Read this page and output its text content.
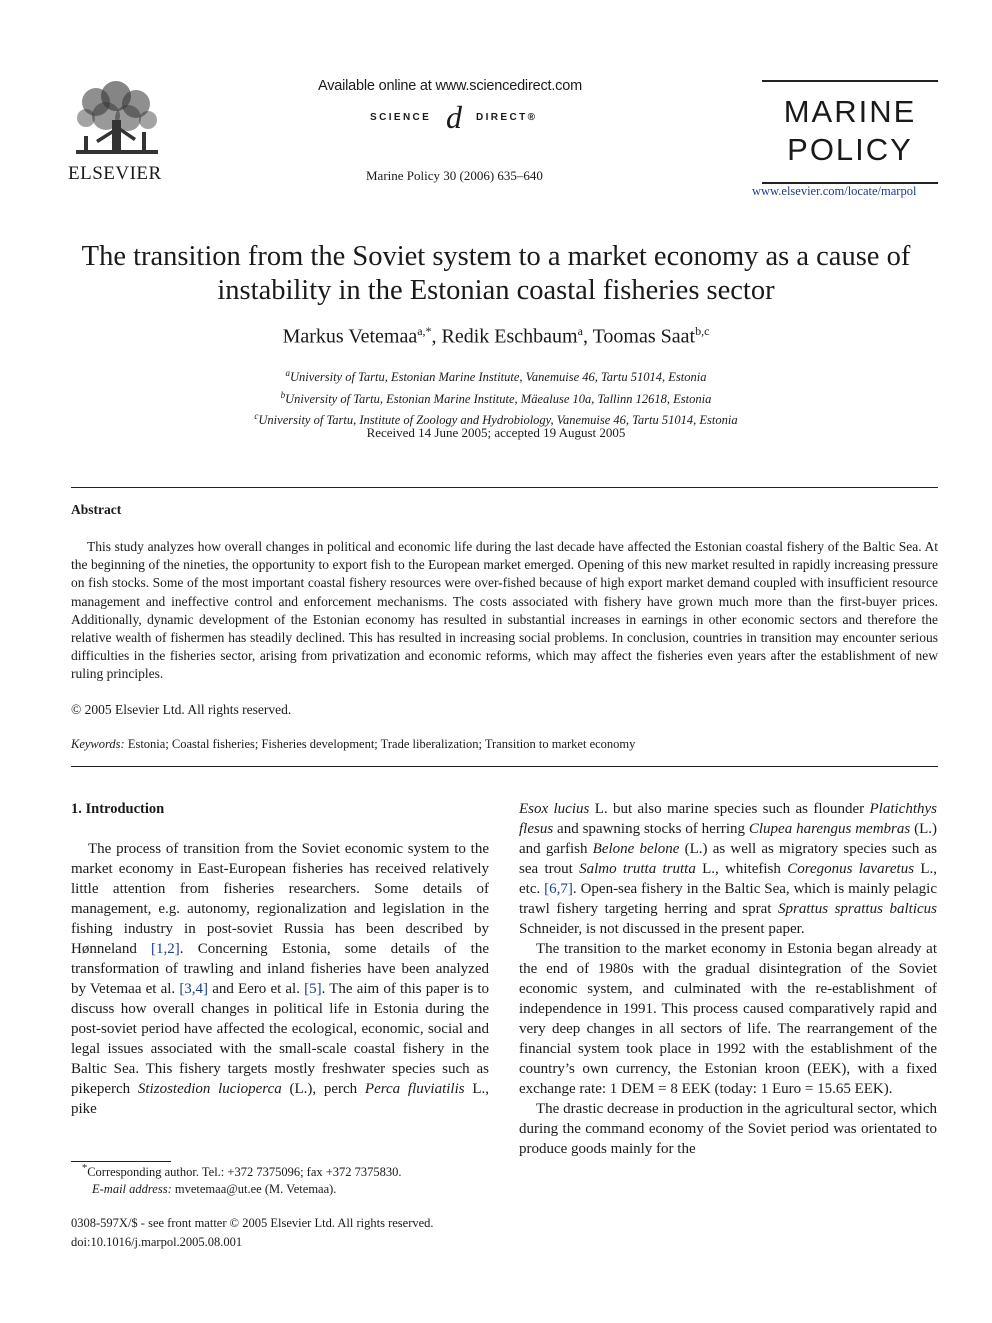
ELSEVIER
Available online at www.sciencedirect.com
SCIENCE d DIRECT®
Marine Policy 30 (2006) 635–640
MARINE
POLICY
www.elsevier.com/locate/marpol
The transition from the Soviet system to a market economy as a cause of
instability in the Estonian coastal fisheries sector
Markus Vetemaa$^{a,*}$, Redik Eschbaum$^a$, Toomas Saat$^{b,c}$
$^a$University of Tartu, Estonian Marine Institute, Vanemuise 46, Tartu 51014, Estonia
$^b$University of Tartu, Estonian Marine Institute, Mäealuse 10a, Tallinn 12618, Estonia
$^c$University of Tartu, Institute of Zoology and Hydrobiology, Vanemuise 46, Tartu 51014, Estonia
Received 14 June 2005; accepted 19 August 2005
Abstract
This study analyzes how overall changes in political and economic life during the last decade have affected the Estonian coastal fishery of the Baltic Sea. At the beginning of the nineties, the opportunity to export fish to the European market emerged. Opening of this new market resulted in rapidly increasing pressure on fish stocks. Some of the most important coastal fishery resources were over-fished because of high export market demand coupled with insufficient resource management and ineffective control and enforcement mechanisms. The costs associated with fishery have grown much more than the first-buyer prices. Additionally, dynamic development of the Estonian economy has resulted in substantial increases in earnings in other economic sectors and therefore the relative wealth of fishermen has steadily declined. This has resulted in increasing social problems. In conclusion, countries in transition may encounter serious difficulties in the fisheries sector, arising from privatization and economic reforms, which may affect the fisheries even years after the establishment of new ruling principles.
© 2005 Elsevier Ltd. All rights reserved.
Keywords: Estonia; Coastal fisheries; Fisheries development; Trade liberalization; Transition to market economy
1. Introduction

The process of transition from the Soviet economic system to the market economy in East-European fisheries has received relatively little attention from fisheries researchers. Some details of management, e.g. autonomy, regionalization and legislation in the fishing industry in post-soviet Russia has been described by Hønneland [1,2]. Concerning Estonia, some details of the transformation of trawling and inland fisheries have been analyzed by Vetemaa et al. [3,4] and Eero et al. [5]. The aim of this paper is to discuss how overall changes in political life in Estonia during the post-soviet period have affected the ecological, economic, social and legal issues associated with the small-scale coastal fishery in the Baltic Sea. This fishery targets mostly freshwater species such as pikeperch Stizostedion lucioperca (L.), perch Perca fluviatilis L., pike

Esox lucius L. but also marine species such as flounder Platichthys flesus and spawning stocks of herring Clupea harengus membras (L.) and garfish Belone belone (L.) as well as migratory species such as sea trout Salmo trutta trutta L., whitefish Coregonus lavaretus L., etc. [6,7]. Open-sea fishery in the Baltic Sea, which is mainly pelagic trawl fishery targeting herring and sprat Sprattus sprattus balticus Schneider, is not discussed in the present paper.

The transition to the market economy in Estonia began already at the end of 1980s with the gradual disintegration of the Soviet economic system, and culminated with the re-establishment of independence in 1991. This process caused comparatively rapid and very deep changes in all sectors of life. The rearrangement of the financial system took place in 1992 with the establishment of the country’s own currency, the Estonian kroon (EEK), with a fixed exchange rate: 1 DEM = 8 EEK (today: 1 Euro = 15.65 EEK).

The drastic decrease in production in the agricultural sector, which during the command economy of the Soviet period was orientated to produce goods mainly for the

*Corresponding author. Tel.: +372 7375096; fax +372 7375830.
E-mail address: mvetemaa@ut.ee (M. Vetemaa).
0308-597X/$ - see front matter © 2005 Elsevier Ltd. All rights reserved.
doi:10.1016/j.marpol.2005.08.001
